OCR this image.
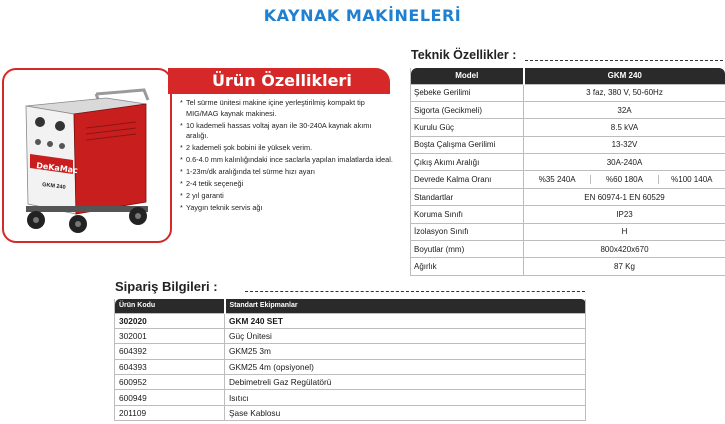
KAYNAK MAKİNELERİ
DeKaMac
GKM 240
Ürün Özellikleri
* Tel sürme ünitesi makine içine yerleştirilmiş kompakt tip MIG/MAG kaynak makinesi.
* 10 kademeli hassas voltaj ayarı ile 30-240A kaynak akımı aralığı.
* 2 kademeli şok bobini ile yüksek verim.
* 0.6-4.0 mm kalınlığındaki ince saclarla yapılan imalatlarda ideal.
* 1-23m/dk aralığında tel sürme hızı ayarı
* 2-4 tetik seçeneği
* 2 yıl garanti
* Yaygın teknik servis ağı
Teknik Özellikler :
Model	GKM 240
Şebeke Gerilimi	3 faz, 380 V, 50-60Hz
Sigorta (Gecikmeli)	32A
Kurulu Güç	8.5 kVA
Boşta Çalışma Gerilimi	13-32V
Çıkış Akımı Aralığı	30A-240A
Devrede Kalma Oranı	%35 240A %60 180A %100 140A

Standartlar	EN 60974-1 EN 60529
Koruma Sınıfı	IP23
İzolasyon Sınıfı	H
Boyutlar (mm)	800x420x670
Ağırlık	87 Kg
Sipariş Bilgileri :
Ürün Kodu	Standart Ekipmanlar
302020	GKM 240 SET
302001	Güç Ünitesi
604392	GKM25 3m
604393	GKM25 4m (opsiyonel)
600952	Debimetreli Gaz Regülatörü
600949	Isıtıcı
201109	Şase Kablosu
